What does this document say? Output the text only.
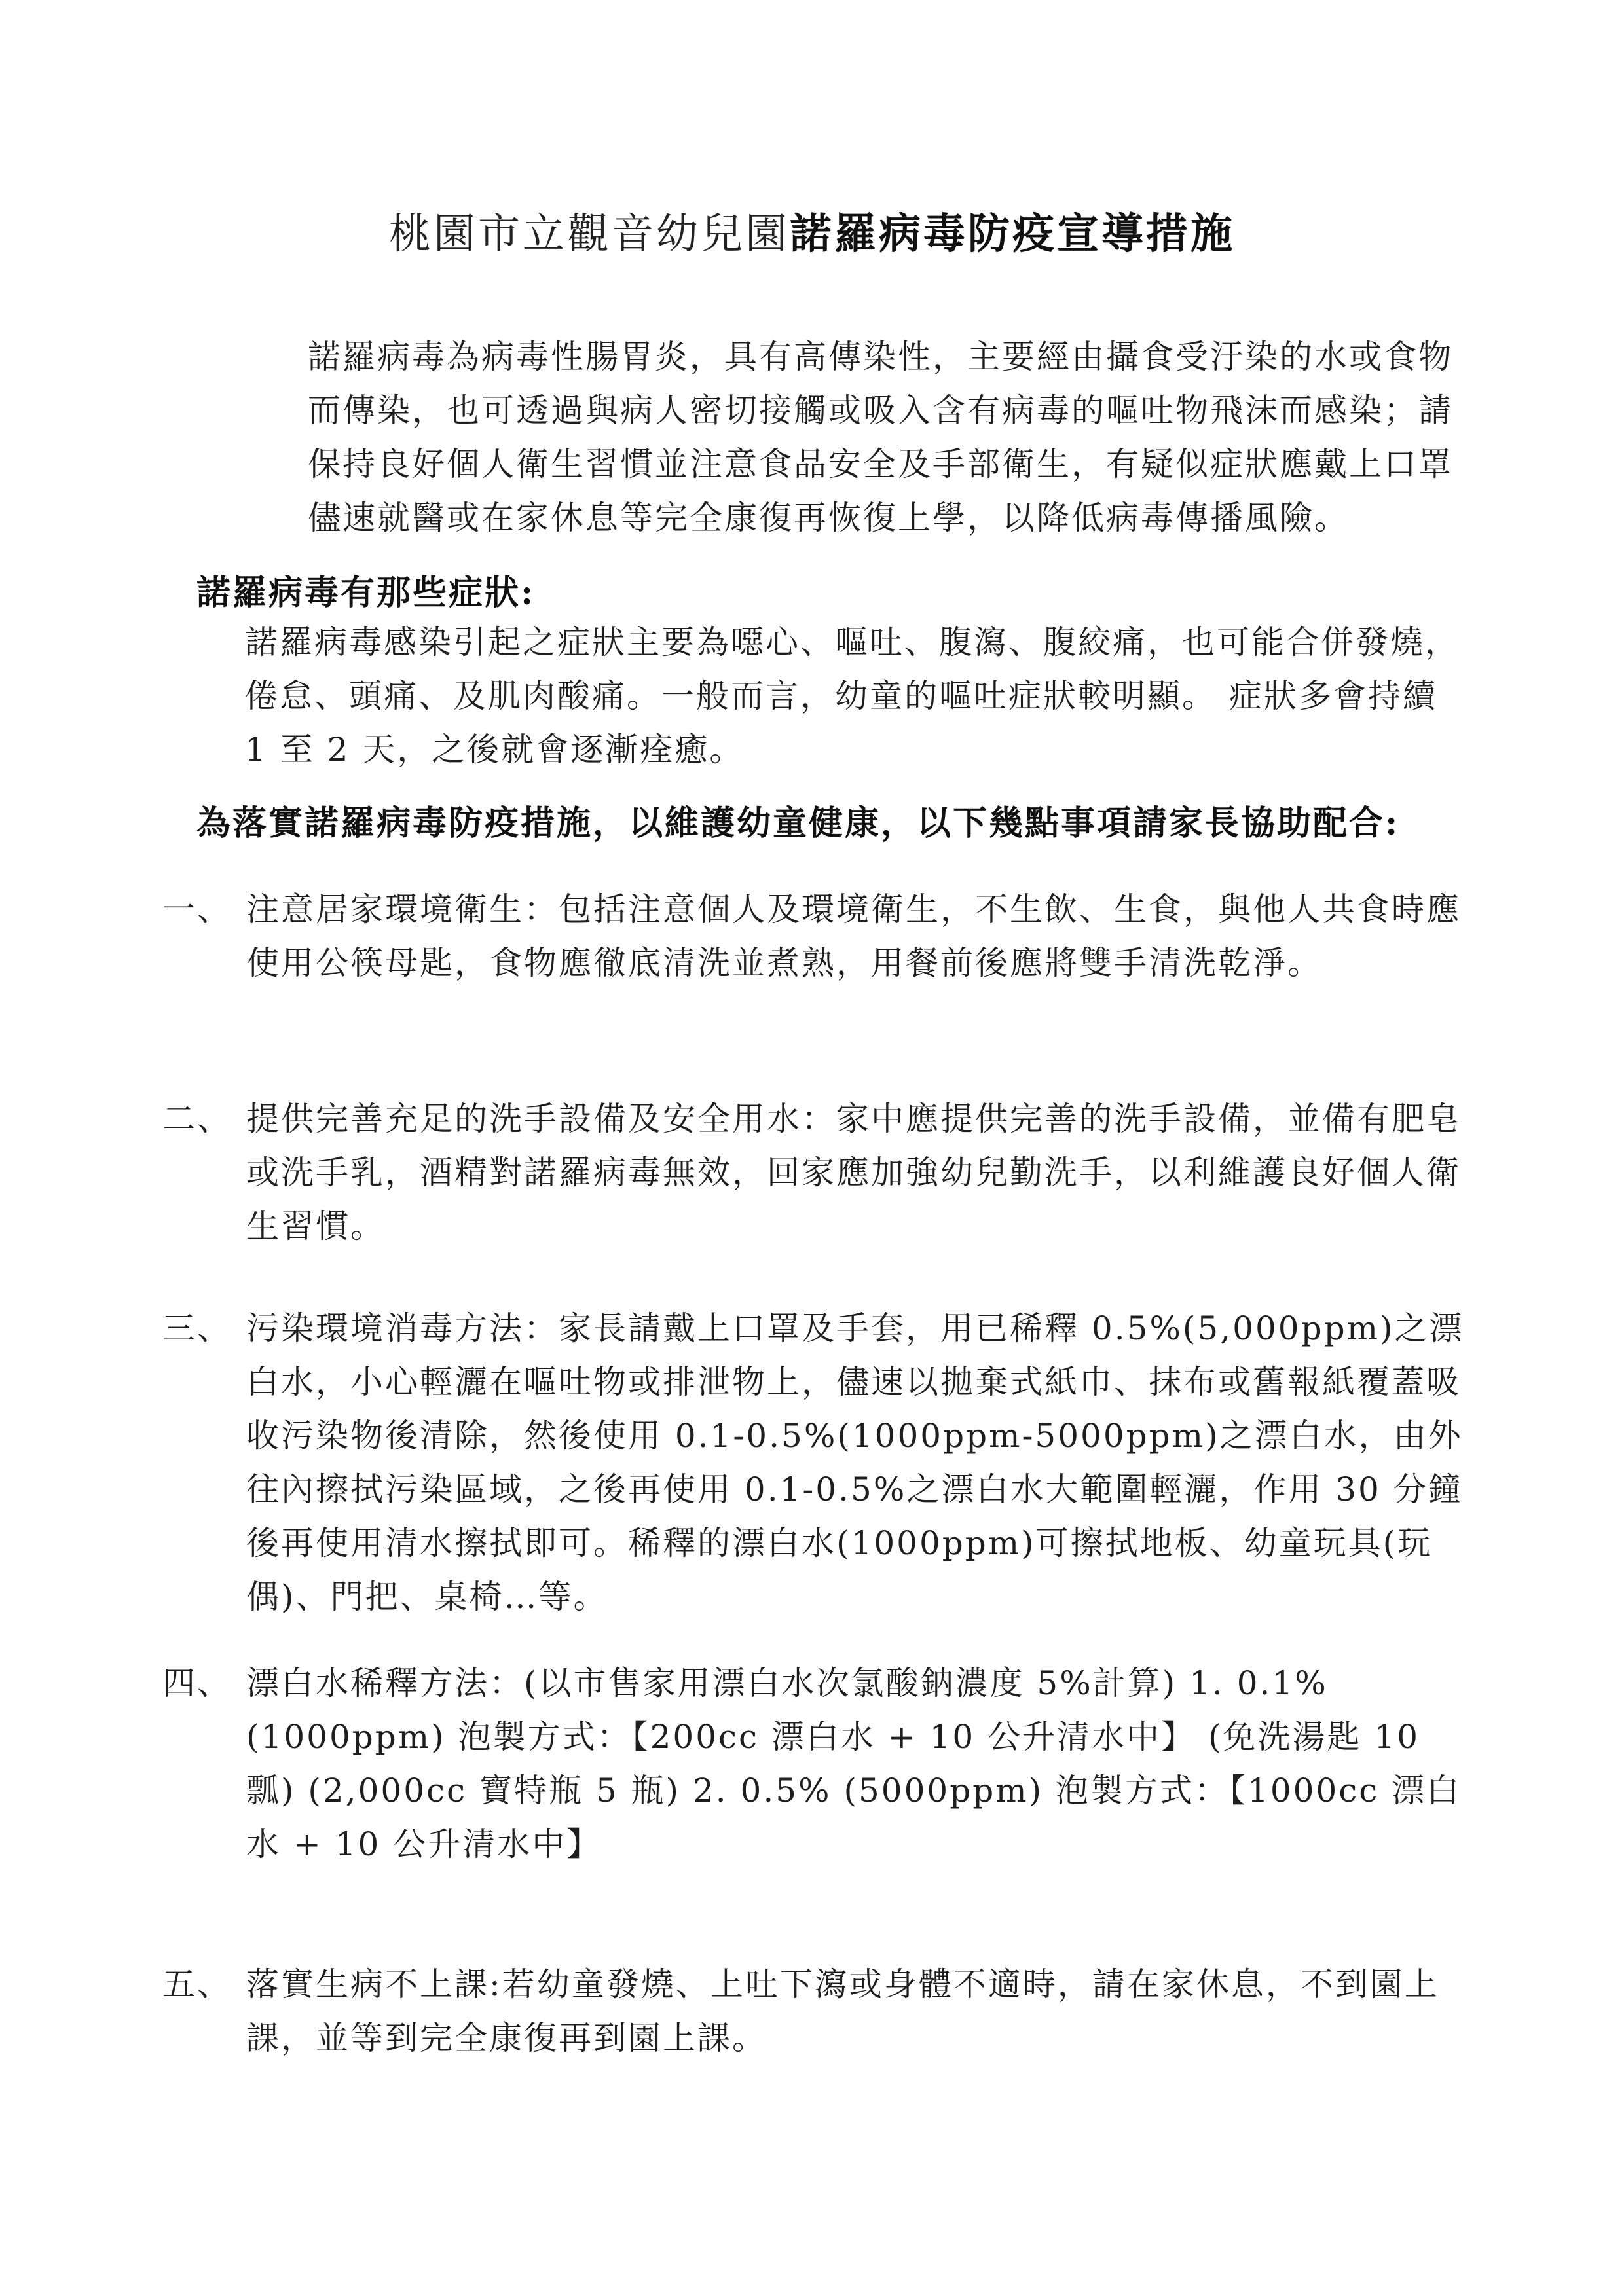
桃園市立觀音幼兒園諾羅病毒防疫宣導措施
諾羅病毒為病毒性腸胃炎，具有高傳染性，主要經由攝食受汙染的水或食物而傳染，也可透過與病人密切接觸或吸入含有病毒的嘔吐物飛沫而感染；請保持良好個人衛生習慣並注意食品安全及手部衛生，有疑似症狀應戴上口罩儘速就醫或在家休息等完全康復再恢復上學，以降低病毒傳播風險。
諾羅病毒有那些症狀:
諾羅病毒感染引起之症狀主要為噁心、嘔吐、腹瀉、腹絞痛，也可能合併發燒，倦怠、頭痛、及肌肉酸痛。一般而言，幼童的嘔吐症狀較明顯。 症狀多會持續 1 至 2 天，之後就會逐漸痊癒。
為落實諾羅病毒防疫措施，以維護幼童健康，以下幾點事項請家長協助配合:
一、 注意居家環境衛生：包括注意個人及環境衛生，不生飲、生食，與他人共食時應使用公筷母匙，食物應徹底清洗並煮熟，用餐前後應將雙手清洗乾淨。
二、 提供完善充足的洗手設備及安全用水：家中應提供完善的洗手設備，並備有肥皂或洗手乳，酒精對諾羅病毒無效，回家應加強幼兒勤洗手，以利維護良好個人衛生習慣。
三、 污染環境消毒方法：家長請戴上口罩及手套，用已稀釋 0.5%(5,000ppm)之漂白水，小心輕灑在嘔吐物或排泄物上，儘速以拋棄式紙巾、抹布或舊報紙覆蓋吸收污染物後清除，然後使用 0.1-0.5%(1000ppm-5000ppm)之漂白水，由外往內擦拭污染區域，之後再使用 0.1-0.5%之漂白水大範圍輕灑，作用 30 分鐘後再使用清水擦拭即可。稀釋的漂白水(1000ppm)可擦拭地板、幼童玩具(玩偶)、門把、桌椅…等。
四、 漂白水稀釋方法：(以市售家用漂白水次氯酸鈉濃度 5%計算) 1. 0.1% (1000ppm) 泡製方式：【200cc 漂白水 + 10 公升清水中】 (免洗湯匙 10 瓢) (2,000cc 寶特瓶 5 瓶) 2. 0.5% (5000ppm) 泡製方式：【1000cc 漂白水 + 10 公升清水中】
五、 落實生病不上課:若幼童發燒、上吐下瀉或身體不適時，請在家休息，不到園上課，並等到完全康復再到園上課。
